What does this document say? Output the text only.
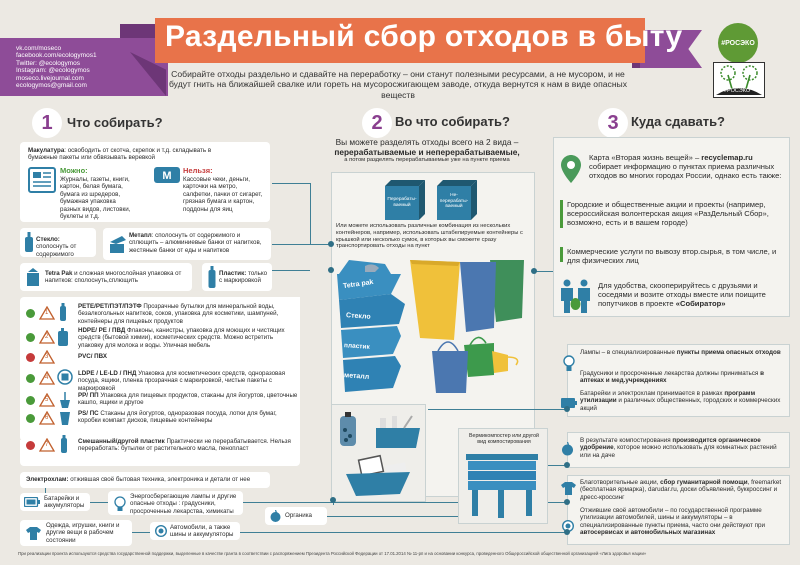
vk.com/moseco
facebook.com/ecologymos1
Twitter: @ecologymos
Instagram: @ecologymos
moseco.livejournal.com
ecologymos@gmail.com
Раздельный сбор отходов в быту
Собирайте отходы раздельно и сдавайте на переработку – они станут полезными ресурсами, а не мусором, и не будут гнить на ближайшей свалке или гореть на мусоросжигающем заводе, откуда вернутся к нам в виде опасных веществ
#РОСЭКО
#РОСЭКО
1	Что собирать?	2 Во что собирать?	3 Куда сдавать?
Макулатура: освободить от скотча, скрепок и т.д. складывать в бумажные пакеты или обвязывать веревкой
Можно:
Журналы, газеты, книги, картон, белая бумага, бумага из шредеров, бумажная упаковка разных видов, листовки, буклеты и т.д.
M Нельзя:
Кассовые чеки, деньги, карточки на метро, салфетки, пачки от сигарет, грязная бумага и картон, поддоны для яиц
Стекло: сполоснуть от содержимого
Метапл: сполоснуть от содержимого и сплющить – алюминиевые банки от напитков, жестяные банки от еды и напитков
Tetra Pak и сложная многослойная упаковка от напитков: сполоснуть,сплющить
Пластик: только с маркировкой
1
PETE/PET/ПЭТ/ПЭТФ Прозрачные бутылки для минеральной воды, безалкогольных напитков, соков, упаковка для косметики, шампуней, контейнеры для пищевых продуктов
2
HDPE/ PE / ПВД Флаконы, канистры, упаковка для моющих и чистящих средств (бытовой химии), косметических средств. Можно встретить упаковку для молока и воды. Уличная мебель
3	PVC/ ПВХ
4
LDPE / LE-LD / ПНД Упаковка для косметических средств, одноразовая посуда, ящики, пленка прозрачная с маркировкой, чистые пакеты с маркировкой
5
PP/ ПП Упаковка для пищевых продуктов, стаканы для йогуртов, цветочные кашпо, ящики и другое
6
PS/ ПС Стаканы для йогуртов, одноразовая посуда, лотки для бумаг, коробки компакт дисков, пищевые контейнеры
7	Смешанный/другой пластик Практически не перерабатывается. Нельзя переработать: бутылки от растительного масла, пенопласт
Электрохлам: отжившая своё бытовая техника, электроника и детали от нее
Батарейки и аккумуляторы
Энергосберегающие лампы и другие опасные отходы : градусники, просроченные лекарства, химикаты
Органика
Одежда, игрушки, книги и другие вещи в рабочем состоянии
Автомобили, а также шины и аккумуляторы
Вы можете разделять отходы всего на 2 вида –
перерабатываемые и неперерабатываемые,
а потом разделять перерабатываемые уже на пункте приема
Перерабаты-ваемый
Не-перерабаты-ваемый
Или можете использовать различные комбинация из нескольких контейнеров, например, использовать штабелируемые контейнеры с крышкой или несколько сумок, в которых вы сможете сразу транспортировать отходы на пункт
Tetra pak
Стекло
пластик
металл
Вермикомпостер или другой вид компостирования
Карта «Вторая жизнь вещей» – recyclemap.ru собирает информацию о пунктах приема различных отходов во многих городах России, однако есть также:
Городские и общественные акции и проекты (например, всероссийская волонтерская акция «РазДельный Сбор», возможно, есть и в вашем городе)
Коммерческие услуги по вывозу втор.сырья, в том числе, и для физических лиц
Для удобства, скооперируйтесь с друзьями и соседями и возите отходы вместе или поищите попутчиков в проекте «Собиратор»
Лампы – в специализированные пункты приема опасных отходов
Градусники и просроченные лекарства должны приниматься в аптеках и мед.учреждениях
Батарейки и электрохлам принимается в рамках программ утилизации и различных общественных, городских и коммерческих акций
В результате компостирования производится органическое удобрение, которое можно использовать для комнатных растений или на даче
Благотворительные акции, сбор гуманитарной помощи, freemarket (бесплатная ярмарка), darudar.ru, доски объявлений, буккроссинг и дресс-кроссинг
Отжившие своё автомобили – по государственной программе утилизации автомобилей, шины и аккумуляторы – в специализированные пункты приема, часто они действуют при автосервисах и автомобильных магазинах
При реализации проекта используются средства государственной поддержки, выделенные в качестве гранта в соответствии с распоряжением Президента Российской Федерации от 17.01.2014 № 11-рп и на основании конкурса, проведенного Общероссийской общественной организацией «Лига здоровья нации»
